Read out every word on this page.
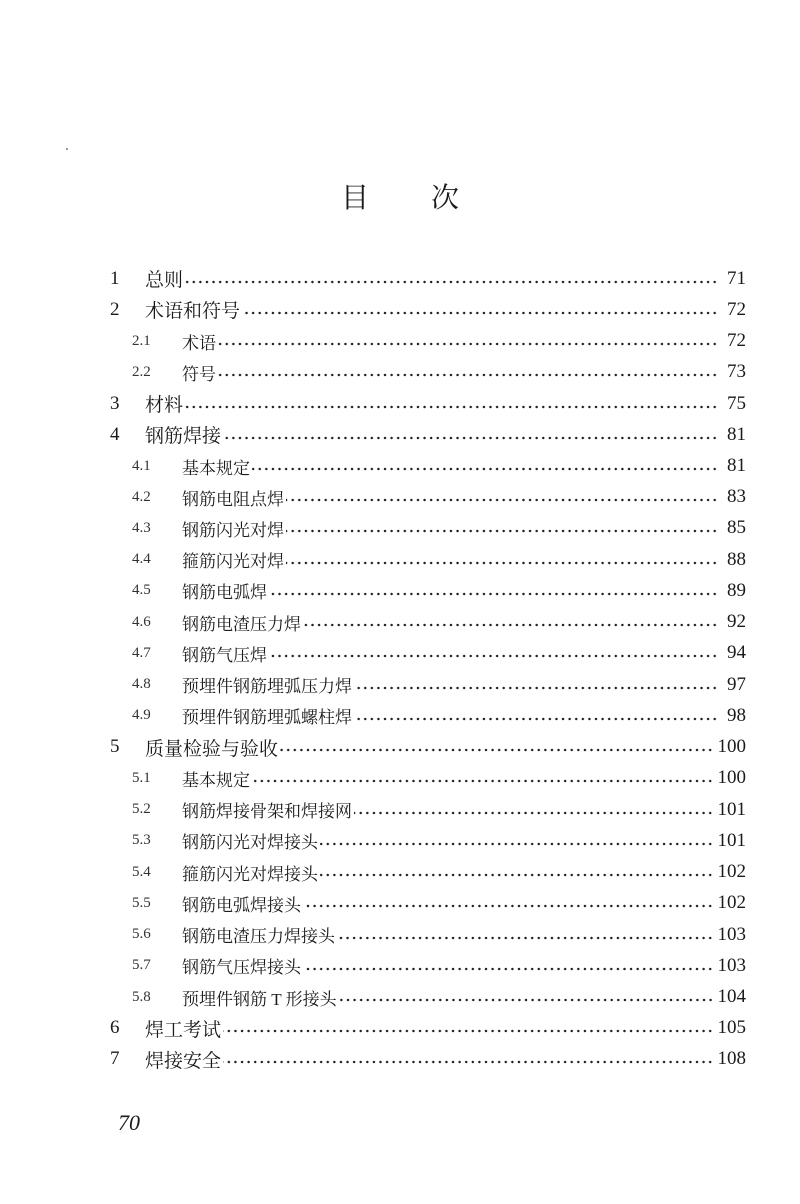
目 次
1	总则	71
2	术语和符号	72
2.1	术语	72
2.2	符号	73
3	材料	75
4	钢筋焊接	81
4.1	基本规定	81
4.2	钢筋电阻点焊	83
4.3	钢筋闪光对焊	85
4.4	箍筋闪光对焊	88
4.5	钢筋电弧焊	89
4.6	钢筋电渣压力焊	92
4.7	钢筋气压焊	94
4.8	预埋件钢筋埋弧压力焊	97
4.9	预埋件钢筋埋弧螺柱焊	98
5	质量检验与验收	100
5.1	基本规定	100
5.2	钢筋焊接骨架和焊接网	101
5.3	钢筋闪光对焊接头	101
5.4	箍筋闪光对焊接头	102
5.5	钢筋电弧焊接头	102
5.6	钢筋电渣压力焊接头	103
5.7	钢筋气压焊接头	103
5.8	预埋件钢筋 T 形接头	104
6	焊工考试	105
7	焊接安全	108
70
